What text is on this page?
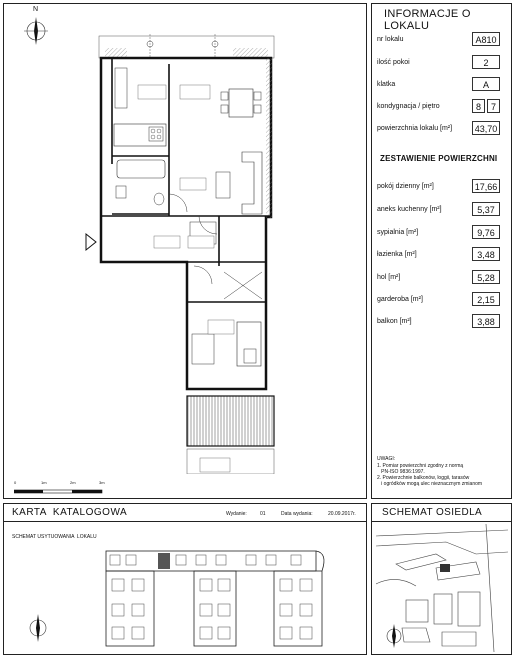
N
0	1m	2m	3m
INFORMACJE O LOKALU
nr lokalu	A810
ilość pokoi	2
klatka	A
kondygnacja / piętro	8	7
powierzchnia lokalu [m²]	43,70
ZESTAWIENIE POWIERZCHNI
pokój dzienny [m²]	17,66
aneks kuchenny [m²]	5,37
sypialnia [m²]	9,76
łazienka [m²]	3,48
hol [m²]	5,28
garderoba [m²]	2,15
balkon [m²]	3,88
UWAGI:
1. Pomiar powierzchni zgodny z normą
PN-ISO 9836:1997.
2. Powierzchnie balkonów, loggii, tarasów
i ogródków mogą ulec nieznacznym zmianom
KARTA  KATALOGOWA	Wydanie:	01	Data wydania:	20.09.2017r.
SCHEMAT USYTUOWANIA  LOKALU
SCHEMAT OSIEDLA
